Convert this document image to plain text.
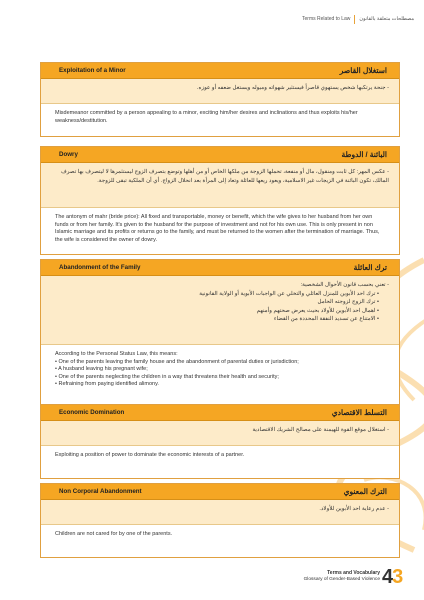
Terms Related to Law مصطلحات متعلقة بالقانون
Exploitation of a Minor	استغلال القاصر
- جنحة يرتكبها شخص يستهوي قاصراً فيستثير شهواته وميوله ويستغل ضعفه أو عوزه.
Misdemeanor committed by a person appealing to a minor, exciting him/her desires and inclinations and thus exploits his/her weakness/destitution.
Dowry	البائنة / الدوطة
- عكس المهر: كل ثابت ومنقول، مال أو منفعة، تحملها الزوجة من ملكها الخاص أو من أهلها وتوضع بتصرف الزوج ليستثمرها لا ليتصرف بها تصرف المالك، تكون البائنة في الزيجات غير الاسلامية، ويعود ريعها للعائلة وتعاد إلى المرأة بعد انحلال الزواج. أي أن الملكية تبقى للزوجة.
The antonym of mahr (bride price): All fixed and transportable, money or benefit, which the wife gives to her husband from her own funds or from her family. It's given to the husband for the purpose of investment and not for his own use. This is only present in non Islamic marriage and its profits or returns go to the family, and must be returned to the women after the termination of marriage. Thus, the wife is considered the owner of dowry.
Abandonment of the Family	ترك العائلة
- تعني بحسب قانون الأحوال الشخصية:
• ترك احد الأبوين للمنزل العائلي والتخلي عن الواجبات الأبوية أو الولاية القانونية
• ترك الزوج لزوجته الحامل
• اهمال احد الأبوين للأولاد بحيث يعرض صحتهم وأمنهم
• الامتناع عن تسديد النفقة المحددة من القضاء
According to the Personal Status Law, this means:
• One of the parents leaving the family house and the abandonment of parental duties or jurisdiction;
• A husband leaving his pregnant wife;
• One of the parents neglecting the children in a way that threatens their health and security;
• Refraining from paying identified alimony.
Economic Domination	التسلط الاقتصادي
- استغلال موقع القوة للهيمنة على مصالح الشريك الاقتصادية
Exploiting a position of power to dominate the economic interests of a partner.
Non Corporal Abandonment	الترك المعنوي
- عدم رعاية احد الأبوين للأولاد.
Children are not cared for by one of the parents.
Terms and Vocabulary
Glossary of Gender-Based Violence 43
